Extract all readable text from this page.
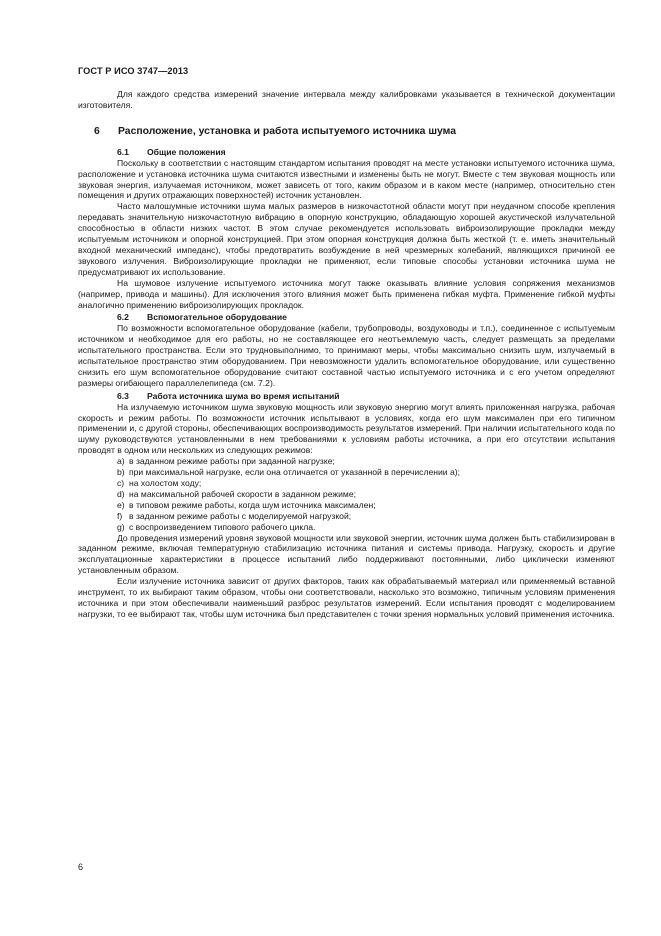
ГОСТ Р ИСО 3747—2013

Для каждого средства измерений значение интервала между калибровками указывается в технической документации изготовителя.

6 Расположение, установка и работа испытуемого источника шума
6.1 Общие положения

Поскольку в соответствии с настоящим стандартом испытания проводят на месте установки испытуемого источника шума, расположение и установка источника шума считаются известными и изменены быть не могут. Вместе с тем звуковая мощность или звуковая энергия, излучаемая источником, может зависеть от того, каким образом и в каком месте (например, относительно стен помещения и других отражающих поверхностей) источник установлен.

Часто малошумные источники шума малых размеров в низкочастотной области могут при неудачном способе крепления передавать значительную низкочастотную вибрацию в опорную конструкцию, обладающую хорошей акустической излучательной способностью в области низких частот. В этом случае рекомендуется использовать виброизолирующие прокладки между испытуемым источником и опорной конструкцией. При этом опорная конструкция должна быть жесткой (т. е. иметь значительный входной механический импеданс), чтобы предотвратить возбуждение в ней чрезмерных колебаний, являющихся причиной ее звукового излучения. Виброизолирующие прокладки не применяют, если типовые способы установки источника шума не предусматривают их использование.

На шумовое излучение испытуемого источника могут также оказывать влияние условия сопряжения механизмов (например, привода и машины). Для исключения этого влияния может быть применена гибкая муфта. Применение гибкой муфты аналогично применению виброизолирующих прокладок.

6.2 Вспомогательное оборудование

По возможности вспомогательное оборудование (кабели, трубопроводы, воздуховоды и т.п.), соединенное с испытуемым источником и необходимое для его работы, но не составляющее его неотъемлемую часть, следует размещать за пределами испытательного пространства. Если это трудновыполнимо, то принимают меры, чтобы максимально снизить шум, излучаемый в испытательное пространство этим оборудованием. При невозможности удалить вспомогательное оборудование, или существенно снизить его шум вспомогательное оборудование считают составной частью испытуемого источника и с его учетом определяют размеры огибающего параллелепипеда (см. 7.2).

6.3 Работа источника шума во время испытаний

На излучаемую источником шума звуковую мощность или звуковую энергию могут влиять приложенная нагрузка, рабочая скорость и режим работы. По возможности источник испытывают в условиях, когда его шум максимален при его типичном применении и, с другой стороны, обеспечивающих воспроизводимость результатов измерений. При наличии испытательного кода по шуму руководствуются установленными в нем требованиями к условиям работы источника, а при его отсутствии испытания проводят в одном или нескольких из следующих режимов:

a) в заданном режиме работы при заданной нагрузке;
b) при максимальной нагрузке, если она отличается от указанной в перечислении а);
c) на холостом ходу;
d) на максимальной рабочей скорости в заданном режиме;
e) в типовом режиме работы, когда шум источника максимален;
f) в заданном режиме работы с моделируемой нагрузкой;
g) с воспроизведением типового рабочего цикла.

До проведения измерений уровня звуковой мощности или звуковой энергии, источник шума должен быть стабилизирован в заданном режиме, включая температурную стабилизацию источника питания и системы привода. Нагрузку, скорость и другие эксплуатационные характеристики в процессе испытаний либо поддерживают постоянными, либо циклически изменяют установленным образом.

Если излучение источника зависит от других факторов, таких как обрабатываемый материал или применяемый вставной инструмент, то их выбирают таким образом, чтобы они соответствовали, насколько это возможно, типичным условиям применения источника и при этом обеспечивали наименьший разброс результатов измерений. Если испытания проводят с моделированием нагрузки, то ее выбирают так, чтобы шум источника был представителен с точки зрения нормальных условий применения источника.

6
